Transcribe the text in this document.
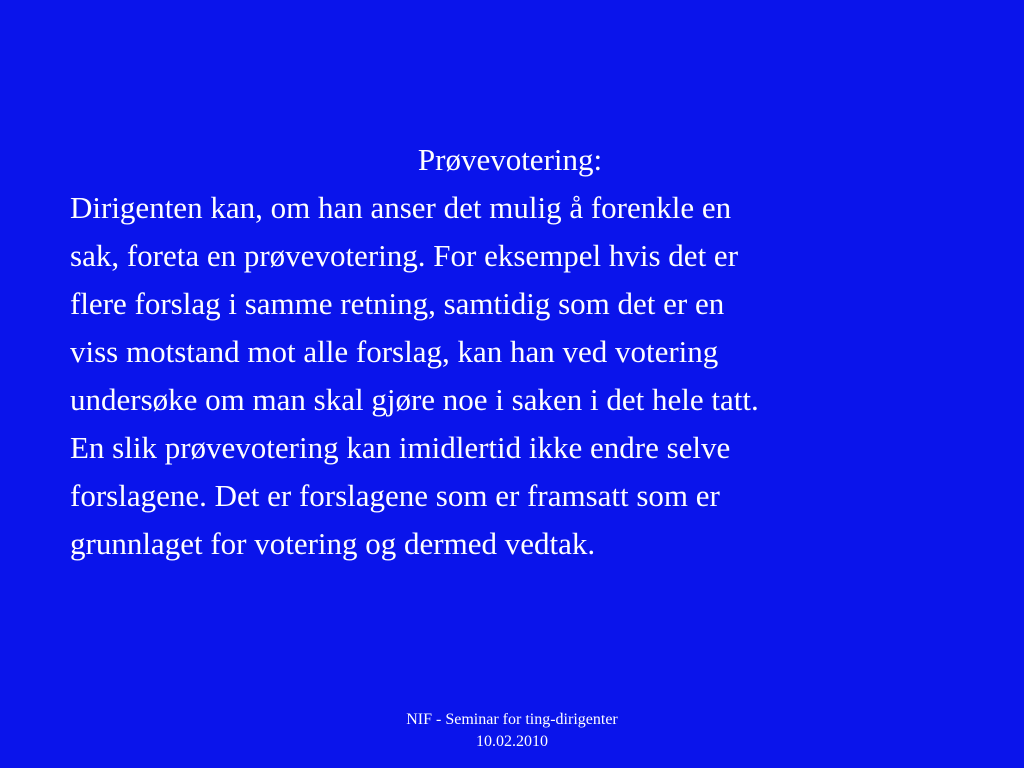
Prøvevotering:
Dirigenten kan, om han anser det mulig å forenkle en
sak, foreta en prøvevotering. For eksempel hvis det er
flere forslag i samme retning, samtidig som det er en
viss motstand mot alle forslag, kan han ved votering
undersøke om man skal gjøre noe i saken i det hele tatt.
En slik prøvevotering kan imidlertid ikke endre selve
forslagene. Det er forslagene som er framsatt som er
grunnlaget for votering og dermed vedtak.
NIF - Seminar for ting-dirigenter
10.02.2010
